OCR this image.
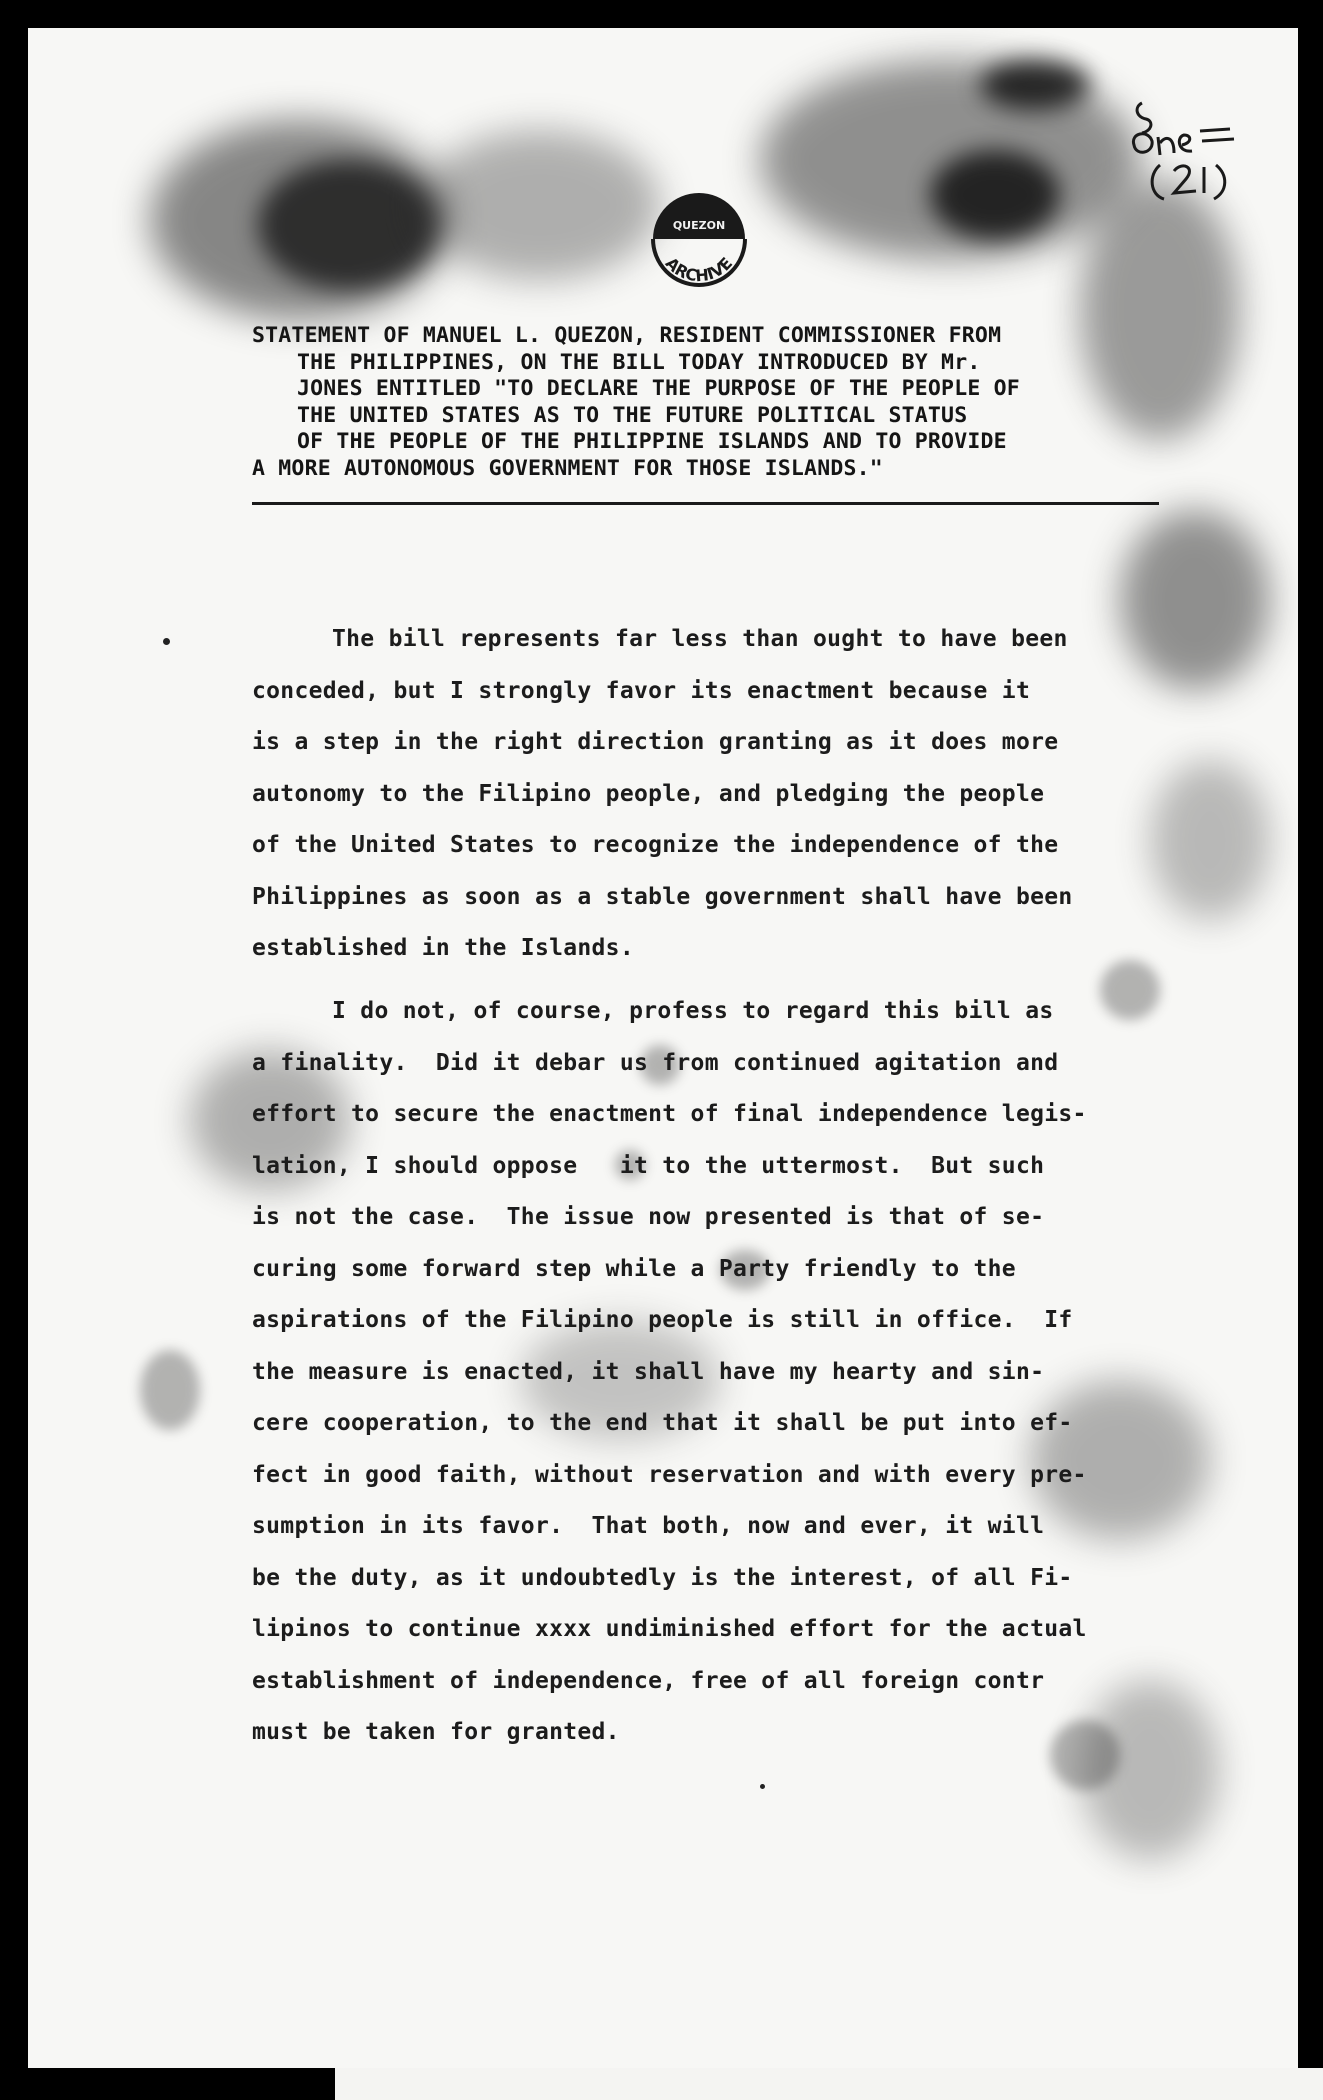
QUEZON
ARCHIVE
STATEMENT OF MANUEL L. QUEZON, RESIDENT COMMISSIONER FROM
THE PHILIPPINES, ON THE BILL TODAY INTRODUCED BY Mr.
JONES ENTITLED "TO DECLARE THE PURPOSE OF THE PEOPLE OF
THE UNITED STATES AS TO THE FUTURE POLITICAL STATUS
OF THE PEOPLE OF THE PHILIPPINE ISLANDS AND TO PROVIDE
A MORE AUTONOMOUS GOVERNMENT FOR THOSE ISLANDS."
The bill represents far less than ought to have been
conceded, but I strongly favor its enactment because it
is a step in the right direction granting as it does more
autonomy to the Filipino people, and pledging the people
of the United States to recognize the independence of the
Philippines as soon as a stable government shall have been
established in the Islands.
I do not, of course, profess to regard this bill as
a finality.  Did it debar us from continued agitation and
effort to secure the enactment of final independence legis-
lation, I should oppose   it to the uttermost.  But such
is not the case.  The issue now presented is that of se-
curing some forward step while a Party friendly to the
aspirations of the Filipino people is still in office.  If
the measure is enacted, it shall have my hearty and sin-
cere cooperation, to the end that it shall be put into ef-
fect in good faith, without reservation and with every pre-
sumption in its favor.  That both, now and ever, it will
be the duty, as it undoubtedly is the interest, of all Fi-
lipinos to continue xxxx undiminished effort for the actual
establishment of independence, free of all foreign contr
must be taken for granted.
